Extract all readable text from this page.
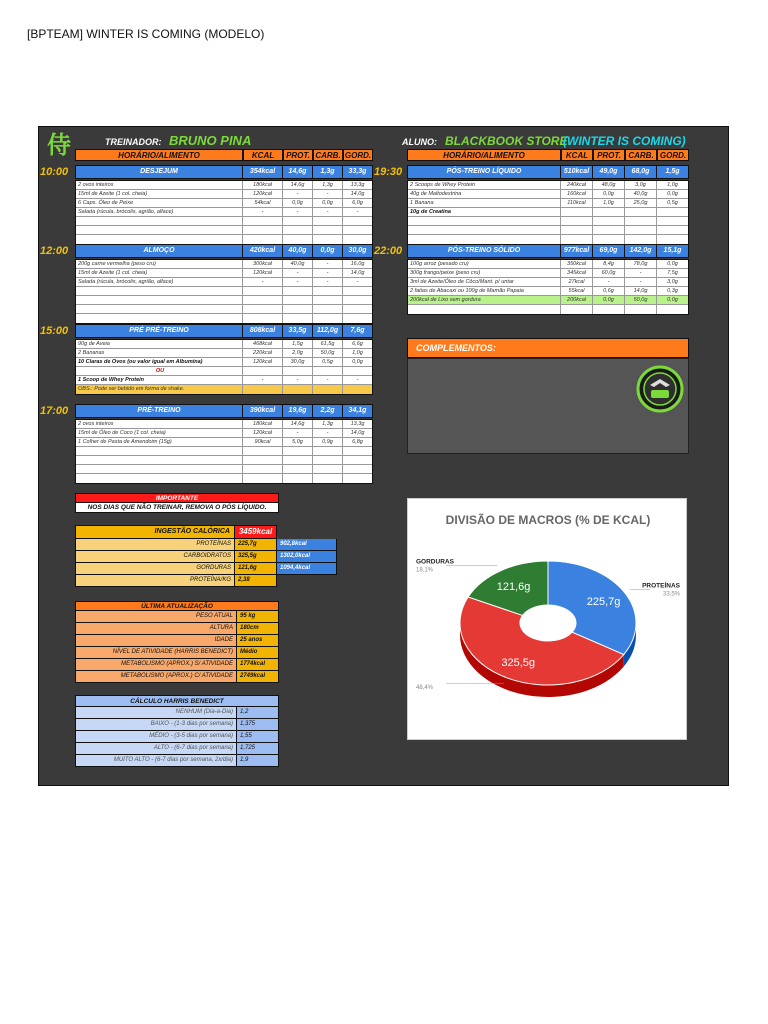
[BPTEAM] WINTER IS COMING (MODELO)
侍	TREINADOR: BRUNO PINA	ALUNO: BLACKBOOK STORE
(WINTER IS COMING)
HORÁRIO/ALIMENTO	KCAL	PROT. CARB. GORD.	HORÁRIO/ALIMENTO	KCAL	PROT. CARB. GORD.
10:00	DESJEJUM	354kcal	14,6g	1,3g	33,3g
2 ovos inteiros	180kcal	14,6g	1,3g	13,3g
15ml de Azeite (1 col. cheia)	120kcal	-	-	14,0g
6 Caps. Óleo de Peixe	54kcal	0,0g	0,0g	6,0g
Salada (rúcula, brócolis, agrião, alface)	-	-	-	-
12:00	ALMOÇO	420kcal	40,0g	0,0g	30,0g
200g carne vermelha (peso cru)	300kcal	40,0g	-	16,0g
15ml de Azeite (1 col. cheia)	120kcal	-	-	14,0g
Salada (rúcula, brócolis, agrião, alface)	-	-	-	-
15:00	PRÉ PRÉ-TREINO	808kcal	33,5g	112,0g	7,6g
90g de Aveia	468kcal	1,5g	61,5g	6,6g
2 Bananas	220kcal	2,0g	50,0g	1,0g
10 Claras de Ovos (ou valor igual em Albumina)	120kcal	30,0g	0,5g	0,0g
OU
1 Scoop de Whey Protein	-	-	-	-
OBS.: Pode ser bebido em forma de shake.
17:00	PRÉ-TREINO	390kcal	19,6g	2,2g	34,1g
2 ovos inteiros	180kcal	14,6g	1,3g	13,3g
15ml de Óleo de Coco (1 col. cheia)	120kcal	-	-	14,0g
1 Colher de Pasta de Amendoim (15g)	90kcal	5,0g	0,9g	6,8g
19:30	PÓS-TREINO LÍQUIDO	510kcal	49,0g	68,0g	1,5g
2 Scoops de Whey Protein	240kcal	48,0g	3,0g	1,0g
40g de Maltodextrina	160kcal	0,0g	40,0g	0,0g
1 Banana	110kcal	1,0g	25,0g	0,5g
10g de Creatina
22:00	PÓS-TREINO SÓLIDO	977kcal	69,0g	142,0g	15,1g
100g arroz (pesado cru)	350kcal	8,4g	78,0g	0,0g
300g frango/peixe (peso cru)	345kcal	60,0g	-	7,5g
3ml de Azeite/Óleo de Côco/Mant. p/ untar	27kcal	-	-	3,0g
2 fatias de Abacaxi ou 100g de Mamão Papaia	55kcal	0,6g	14,0g	0,3g
200kcal de Lixo sem gordura	200kcal	0,0g	50,0g	0,0g
COMPLEMENTOS:
IMPORTANTE
NOS DIAS QUE NÃO TREINAR, REMOVA O PÓS LÍQUIDO.
INGESTÃO CALÓRICA	3459kcal
PROTEÍNAS	225,7g	902,8kcal
CARBOIDRATOS	325,5g	1302,0kcal
GORDURAS	121,6g	1094,4kcal
PROTEÍNA/KG	2,38
ÚLTIMA ATUALIZAÇÃO
PESO ATUAL	95 kg
ALTURA	180cm
IDADE	25 anos
NÍVEL DE ATIVIDADE (HARRIS BENEDICT)	Médio
METABOLISMO (APROX.) S/ ATIVIDADE	1774kcal
METABOLISMO (APROX.) C/ ATIVIDADE	2749kcal
CÁLCULO HARRIS BENEDICT
NENHUM (Dia-a-Dia)	1,2
BAIXO - (1-3 dias por semana)	1,375
MÉDIO - (3-5 dias por semana)	1,55
ALTO - (6-7 dias por semana)	1,725
MUITO ALTO - (6-7 dias por semana, 2x/dia)	1,9
DIVISÃO DE MACROS (% DE KCAL)
225,7g
PROTEÍNAS
33,5%
325,5g
48,4%
121,6g
GORDURAS
18,1%
